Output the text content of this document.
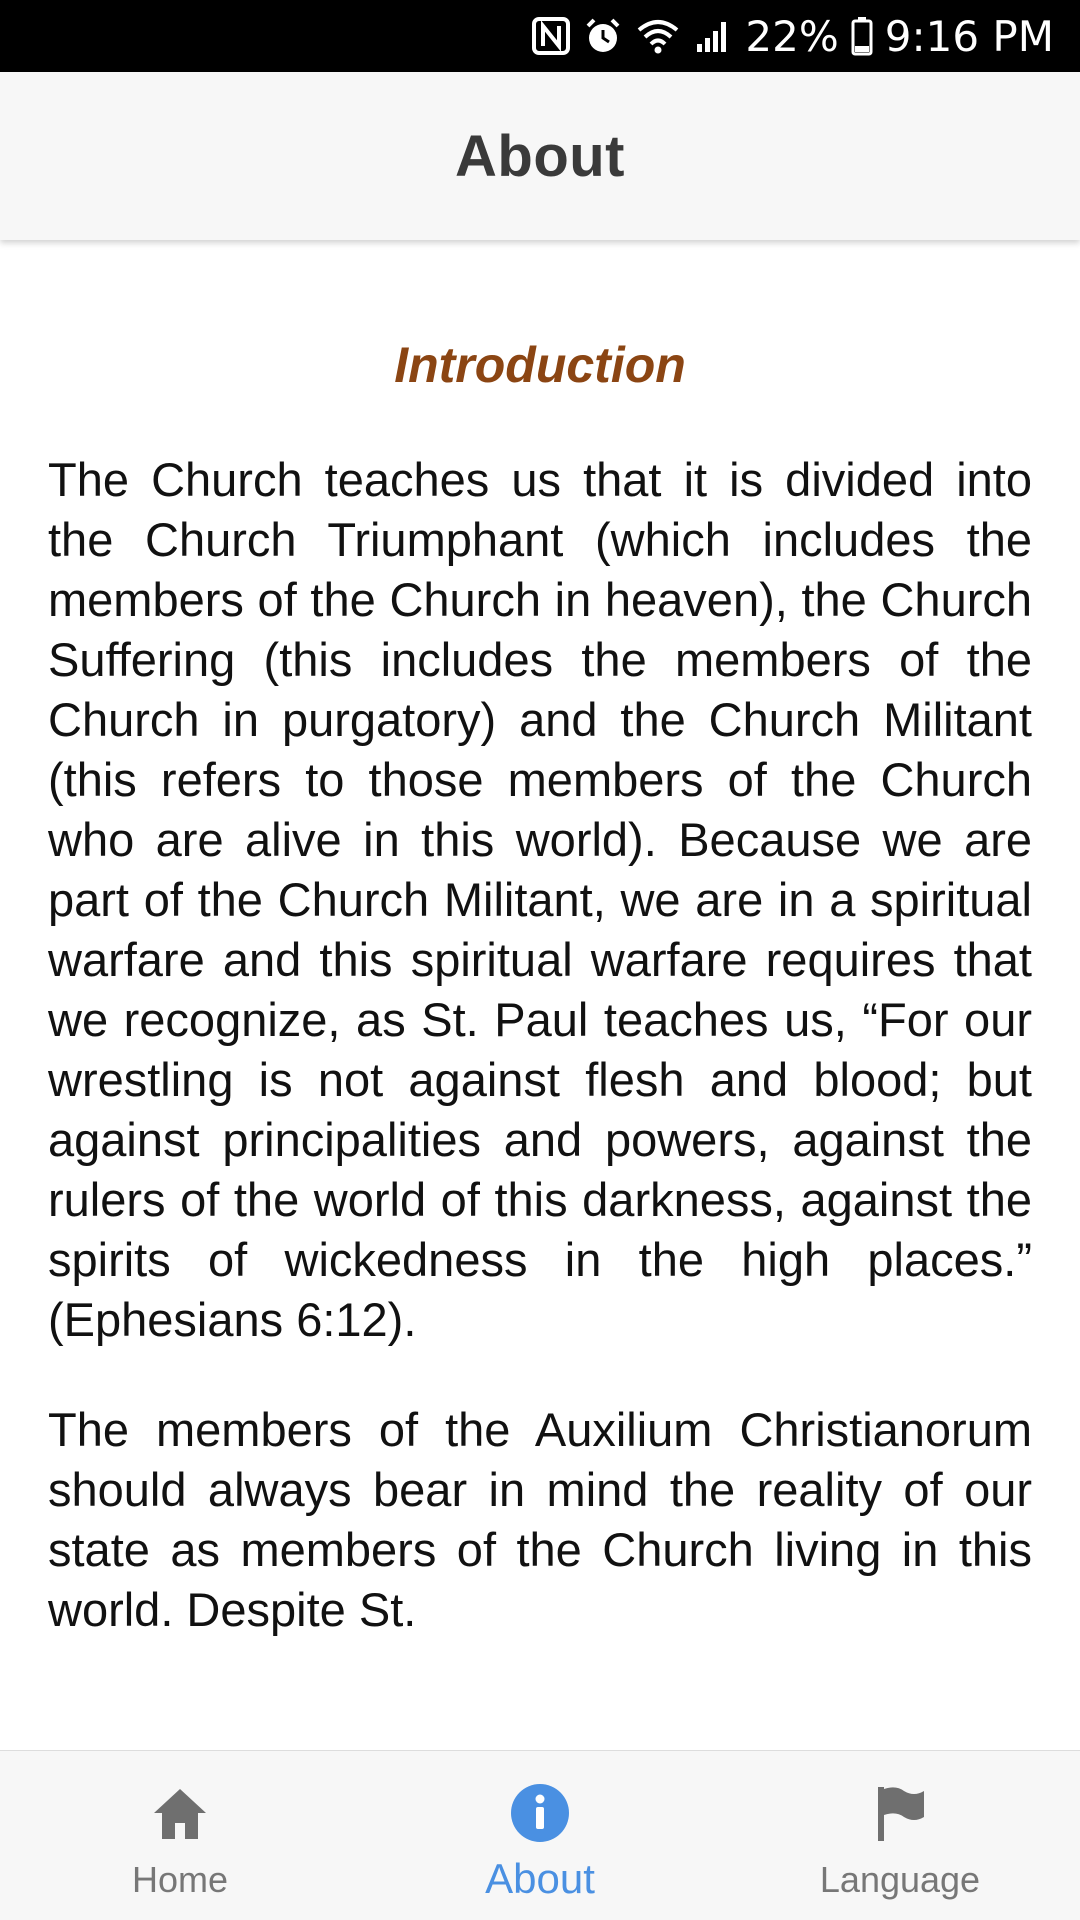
22% 9:16 PM
About
Introduction

The Church teaches us that it is divided into the Church Triumphant (which includes the members of the Church in heaven), the Church Suffering (this includes the members of the Church in purgatory) and the Church Militant (this refers to those members of the Church who are alive in this world). Because we are part of the Church Militant, we are in a spiritual warfare and this spiritual warfare requires that we recognize, as St. Paul teaches us, “For our wrestling is not against flesh and blood; but against principalities and powers, against the rulers of the world of this darkness, against the spirits of wickedness in the high places.” (Ephesians 6:12).

The members of the Auxilium Christianorum should always bear in mind the reality of our state as members of the Church living in this world. Despite St.

Home	About	Language
